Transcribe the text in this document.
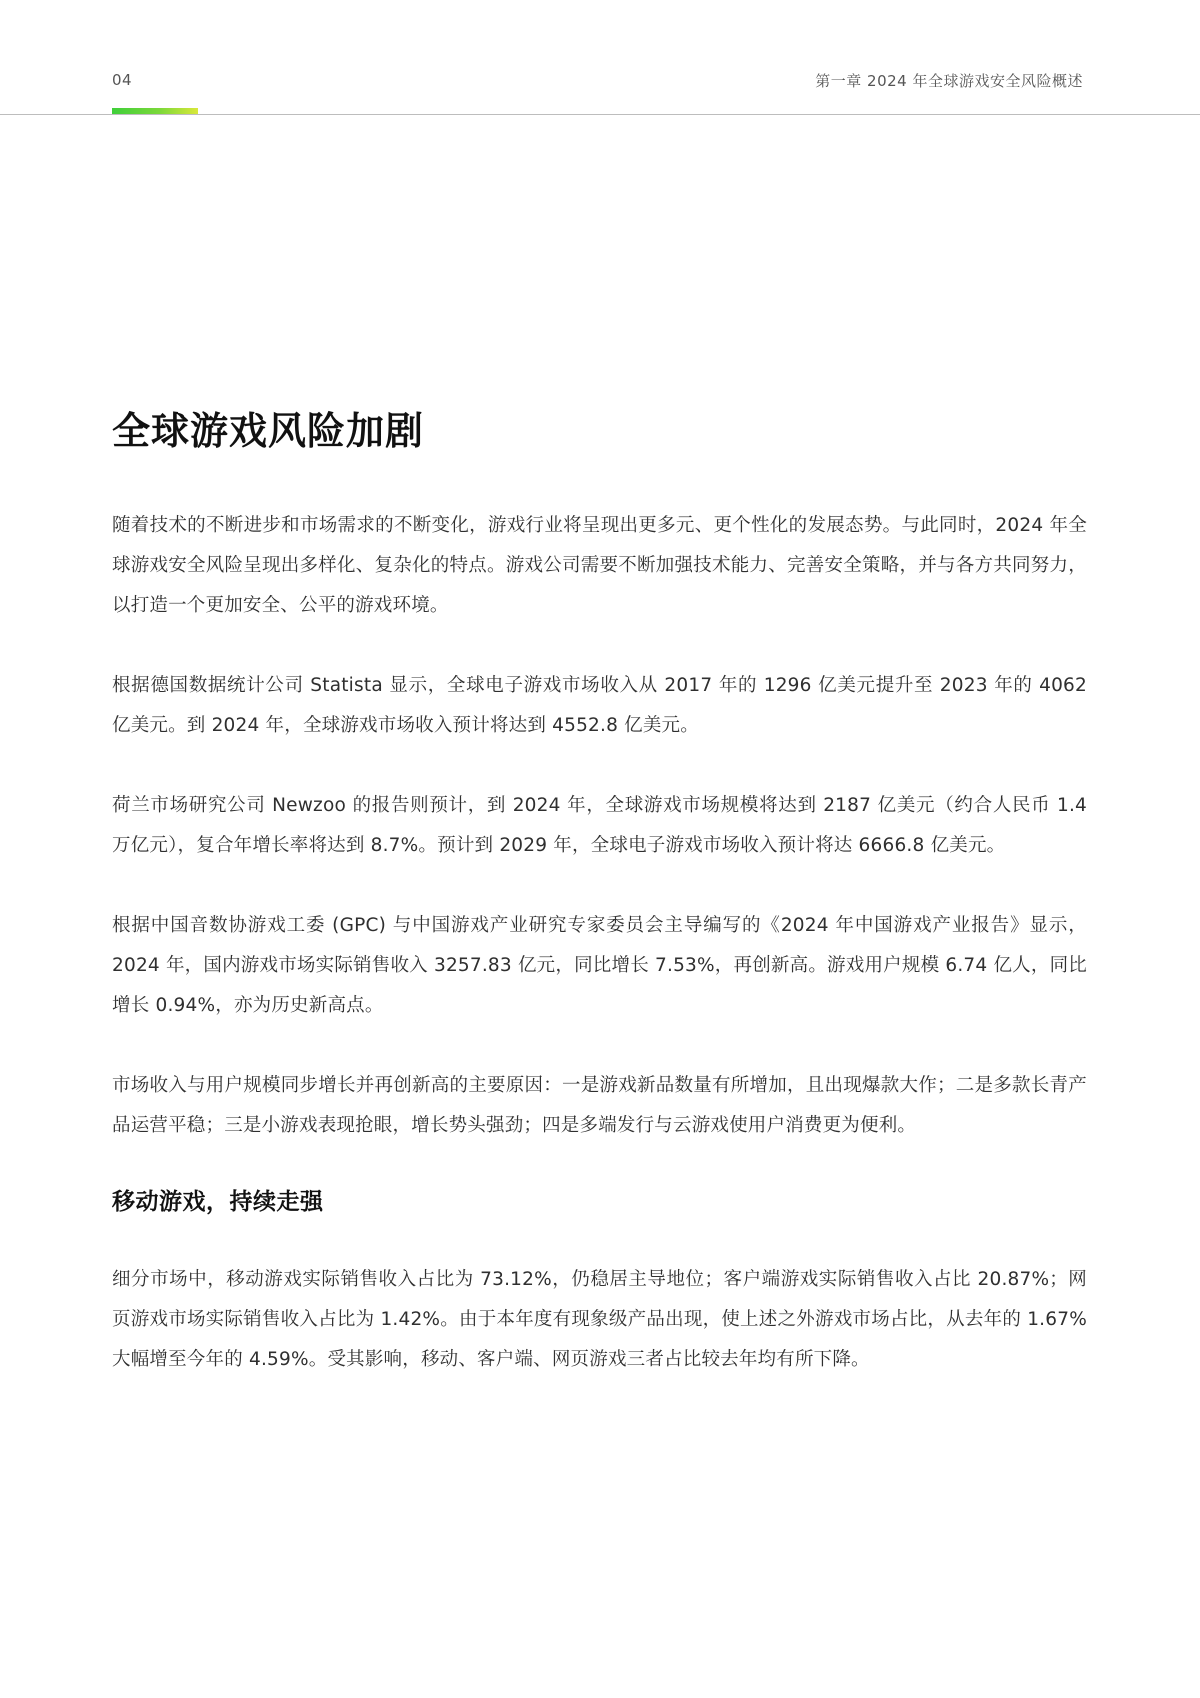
04	第一章 2024 年全球游戏安全风险概述
全球游戏风险加剧

随着技术的不断进步和市场需求的不断变化，游戏行业将呈现出更多元、更个性化的发展态势。与此同时，2024 年全球游戏安全风险呈现出多样化、复杂化的特点。游戏公司需要不断加强技术能力、完善安全策略，并与各方共同努力，以打造一个更加安全、公平的游戏环境。

根据德国数据统计公司 Statista 显示，全球电子游戏市场收入从 2017 年的 1296 亿美元提升至 2023 年的 4062 亿美元。到 2024 年，全球游戏市场收入预计将达到 4552.8 亿美元。

荷兰市场研究公司 Newzoo 的报告则预计，到 2024 年，全球游戏市场规模将达到 2187 亿美元（约合人民币 1.4 万亿元），复合年增长率将达到 8.7%。预计到 2029 年，全球电子游戏市场收入预计将达 6666.8 亿美元。

根据中国音数协游戏工委 (GPC) 与中国游戏产业研究专家委员会主导编写的《2024 年中国游戏产业报告》显示，2024 年，国内游戏市场实际销售收入 3257.83 亿元，同比增长 7.53%，再创新高。游戏用户规模 6.74 亿人，同比增长 0.94%，亦为历史新高点。

市场收入与用户规模同步增长并再创新高的主要原因：一是游戏新品数量有所增加，且出现爆款大作；二是多款长青产品运营平稳；三是小游戏表现抢眼，增长势头强劲；四是多端发行与云游戏使用户消费更为便利。

移动游戏，持续走强

细分市场中，移动游戏实际销售收入占比为 73.12%，仍稳居主导地位；客户端游戏实际销售收入占比 20.87%；网页游戏市场实际销售收入占比为 1.42%。由于本年度有现象级产品出现，使上述之外游戏市场占比，从去年的 1.67% 大幅增至今年的 4.59%。受其影响，移动、客户端、网页游戏三者占比较去年均有所下降。
